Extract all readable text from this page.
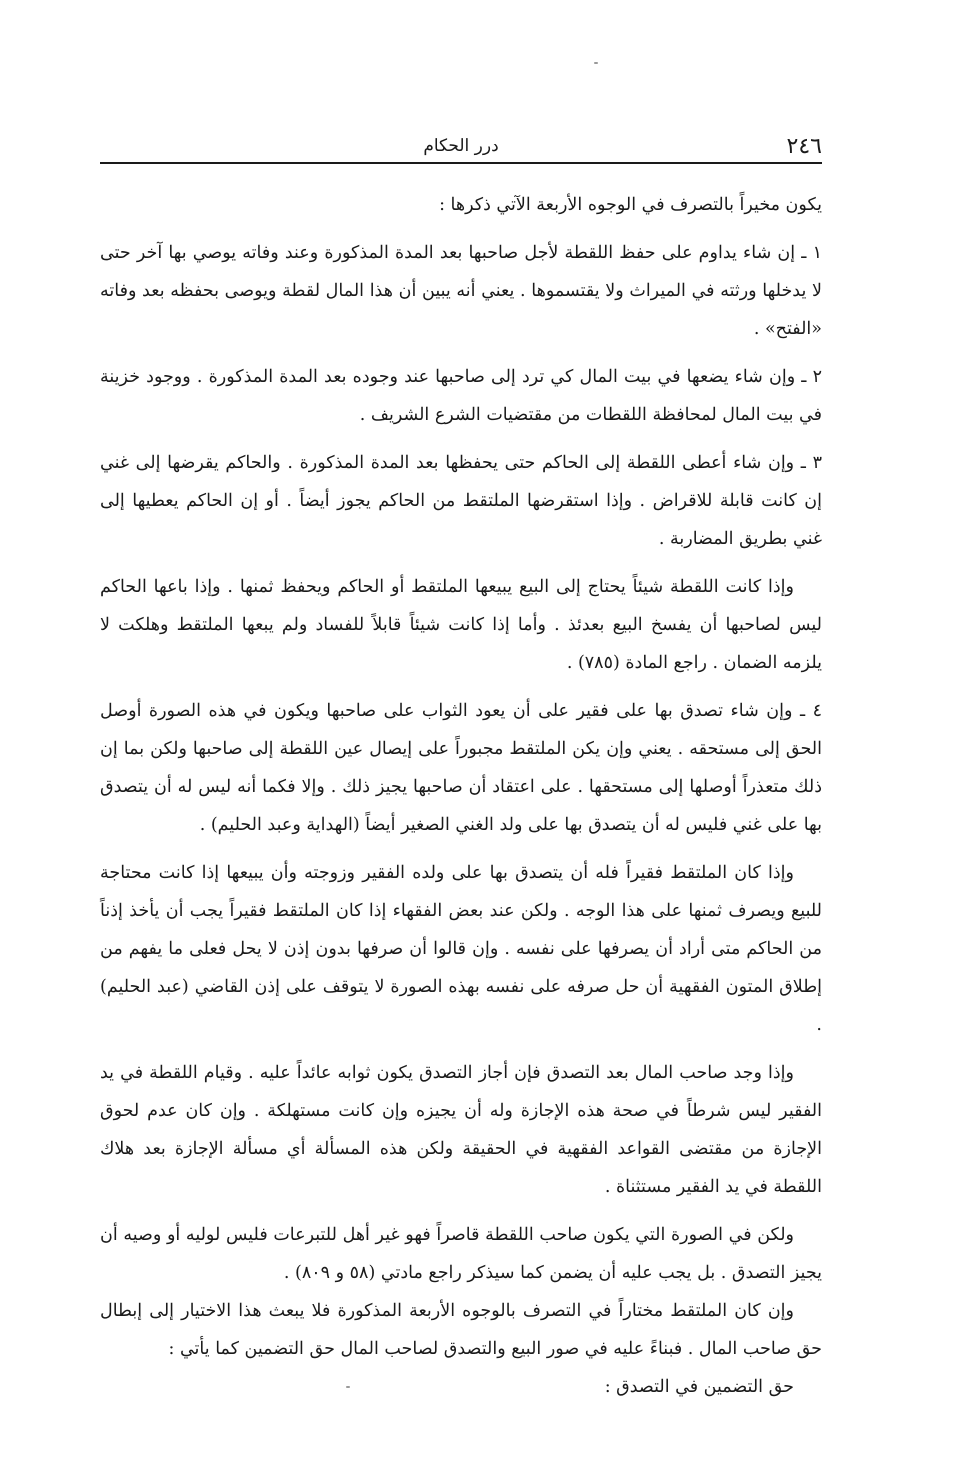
٢٤٦
درر الحكام

يكون مخيراً بالتصرف في الوجوه الأربعة الآتي ذكرها :

١ ـ إن شاء يداوم على حفظ اللقطة لأجل صاحبها بعد المدة المذكورة وعند وفاته يوصي بها آخر حتى لا يدخلها ورثته في الميراث ولا يقتسموها . يعني أنه يبين أن هذا المال لقطة ويوصى بحفظه بعد وفاته «الفتح» .

٢ ـ وإن شاء يضعها في بيت المال كي ترد إلى صاحبها عند وجوده بعد المدة المذكورة . ووجود خزينة في بيت المال لمحافظة اللقطات من مقتضيات الشرع الشريف .

٣ ـ وإن شاء أعطى اللقطة إلى الحاكم حتى يحفظها بعد المدة المذكورة . والحاكم يقرضها إلى غني إن كانت قابلة للاقراض . وإذا استقرضها الملتقط من الحاكم يجوز أيضاً . أو إن الحاكم يعطيها إلى غني بطريق المضاربة .

وإذا كانت اللقطة شيئاً يحتاج إلى البيع يبيعها الملتقط أو الحاكم ويحفظ ثمنها . وإذا باعها الحاكم ليس لصاحبها أن يفسخ البيع بعدئذ . وأما إذا كانت شيئاً قابلاً للفساد ولم يبعها الملتقط وهلكت لا يلزمه الضمان . راجع المادة (٧٨٥) .

٤ ـ وإن شاء تصدق بها على فقير على أن يعود الثواب على صاحبها ويكون في هذه الصورة أوصل الحق إلى مستحقه . يعني وإن يكن الملتقط مجبوراً على إيصال عين اللقطة إلى صاحبها ولكن بما إن ذلك متعذراً أوصلها إلى مستحقها . على اعتقاد أن صاحبها يجيز ذلك . وإلا فكما أنه ليس له أن يتصدق بها على غني فليس له أن يتصدق بها على ولد الغني الصغير أيضاً (الهداية وعبد الحليم) .

وإذا كان الملتقط فقيراً فله أن يتصدق بها على ولده الفقير وزوجته وأن يبيعها إذا كانت محتاجة للبيع ويصرف ثمنها على هذا الوجه . ولكن عند بعض الفقهاء إذا كان الملتقط فقيراً يجب أن يأخذ إذناً من الحاكم متى أراد أن يصرفها على نفسه . وإن قالوا أن صرفها بدون إذن لا يحل فعلى ما يفهم من إطلاق المتون الفقهية أن حل صرفه على نفسه بهذه الصورة لا يتوقف على إذن القاضي (عبد الحليم) .

وإذا وجد صاحب المال بعد التصدق فإن أجاز التصدق يكون ثوابه عائداً عليه . وقيام اللقطة في يد الفقير ليس شرطاً في صحة هذه الإجازة وله أن يجيزه وإن كانت مستهلكة . وإن كان عدم لحوق الإجازة من مقتضى القواعد الفقهية في الحقيقة ولكن هذه المسألة أي مسألة الإجازة بعد هلاك اللقطة في يد الفقير مستثناة .

ولكن في الصورة التي يكون صاحب اللقطة قاصراً فهو غير أهل للتبرعات فليس لوليه أو وصيه أن يجيز التصدق . بل يجب عليه أن يضمن كما سيذكر راجع مادتي (٥٨ و ٨٠٩) .

وإن كان الملتقط مختاراً في التصرف بالوجوه الأربعة المذكورة فلا يبعث هذا الاختيار إلى إبطال حق صاحب المال . فبناءً عليه في صور البيع والتصدق لصاحب المال حق التضمين كما يأتي :

حق التضمين في التصدق :
